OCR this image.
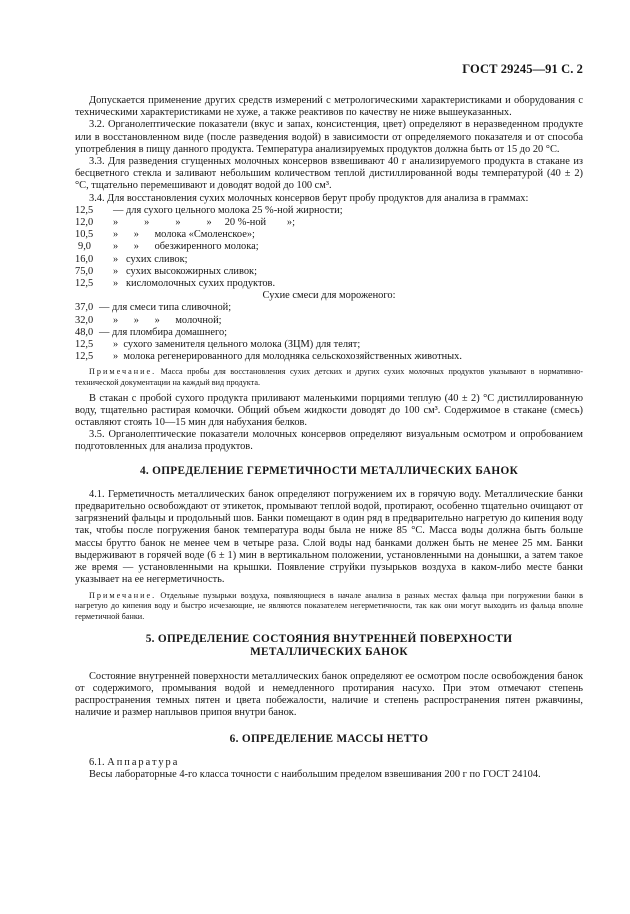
ГОСТ 29245—91 С. 2

Допускается применение других средств измерений с метрологическими характеристиками и оборудования с техническими характеристиками не хуже, а также реактивов по качеству не ниже вышеуказанных.

3.2. Органолептические показатели (вкус и запах, консистенция, цвет) определяют в неразведенном продукте или в восстановленном виде (после разведения водой) в зависимости от определяемого показателя и от способа употребления в пищу данного продукта. Температура анализируемых продуктов должна быть от 15 до 20 °С.

3.3. Для разведения сгущенных молочных консервов взвешивают 40 г анализируемого продукта в стакане из бесцветного стекла и заливают небольшим количеством теплой дистиллированной воды температурой (40 ± 2) °С, тщательно перемешивают и доводят водой до 100 см³.

3.4. Для восстановления сухих молочных консервов берут пробу продуктов для анализа в граммах:

12,5	— для сухого цельного молока 25 %-ной жирности;
12,0	»          »          »          »     20 %-ной        »;
10,5	»      »      молока «Смоленское»;
9,0	»      »      обезжиренного молока;
16,0	»   сухих сливок;
75,0	»   сухих высокожирных сливок;
12,5	»   кисломолочных сухих продуктов.
Сухие смеси для мороженого:
37,0 — для смеси типа сливочной;
32,0	»      »      »      молочной;
48,0 — для пломбира домашнего;
12,5	»  сухого заменителя цельного молока (ЗЦМ) для телят;
12,5	»  молока регенерированного для молодняка сельскохозяйственных животных.

Примечание. Масса пробы для восстановления сухих детских и других сухих молочных продуктов указывают в нормативно-технической документации на каждый вид продукта.

В стакан с пробой сухого продукта приливают маленькими порциями теплую (40 ± 2) °С дистиллированную воду, тщательно растирая комочки. Общий объем жидкости доводят до 100 см³. Содержимое в стакане (смесь) оставляют стоять 10—15 мин для набухания белков.

3.5. Органолептические показатели молочных консервов определяют визуальным осмотром и опробованием подготовленных для анализа продуктов.

4. ОПРЕДЕЛЕНИЕ ГЕРМЕТИЧНОСТИ МЕТАЛЛИЧЕСКИХ БАНОК

4.1. Герметичность металлических банок определяют погружением их в горячую воду. Металлические банки предварительно освобождают от этикеток, промывают теплой водой, протирают, особенно тщательно очищают от загрязнений фальцы и продольный шов. Банки помещают в один ряд в предварительно нагретую до кипения воду так, чтобы после погружения банок температура воды была не ниже 85 °С. Масса воды должна быть больше массы брутто банок не менее чем в четыре раза. Слой воды над банками должен быть не менее 25 мм. Банки выдерживают в горячей воде (6 ± 1) мин в вертикальном положении, установленными на донышки, а затем такое же время — установленными на крышки. Появление струйки пузырьков воздуха в каком-либо месте банки указывает на ее негерметичность.

Примечание. Отдельные пузырьки воздуха, появляющиеся в начале анализа в разных местах фальца при погружении банки в нагретую до кипения воду и быстро исчезающие, не являются показателем негерметичности, так как они могут выходить из фальца вполне герметичной банки.

5. ОПРЕДЕЛЕНИЕ СОСТОЯНИЯ ВНУТРЕННЕЙ ПОВЕРХНОСТИ
МЕТАЛЛИЧЕСКИХ БАНОК

Состояние внутренней поверхности металлических банок определяют ее осмотром после освобождения банок от содержимого, промывания водой и немедленного протирания насухо. При этом отмечают степень распространения темных пятен и цвета побежалости, наличие и степень распространения пятен ржавчины, наличие и размер наплывов припоя внутри банок.

6. ОПРЕДЕЛЕНИЕ МАССЫ НЕТТО

6.1. Аппаратура

Весы лабораторные 4-го класса точности с наибольшим пределом взвешивания 200 г по ГОСТ 24104.
